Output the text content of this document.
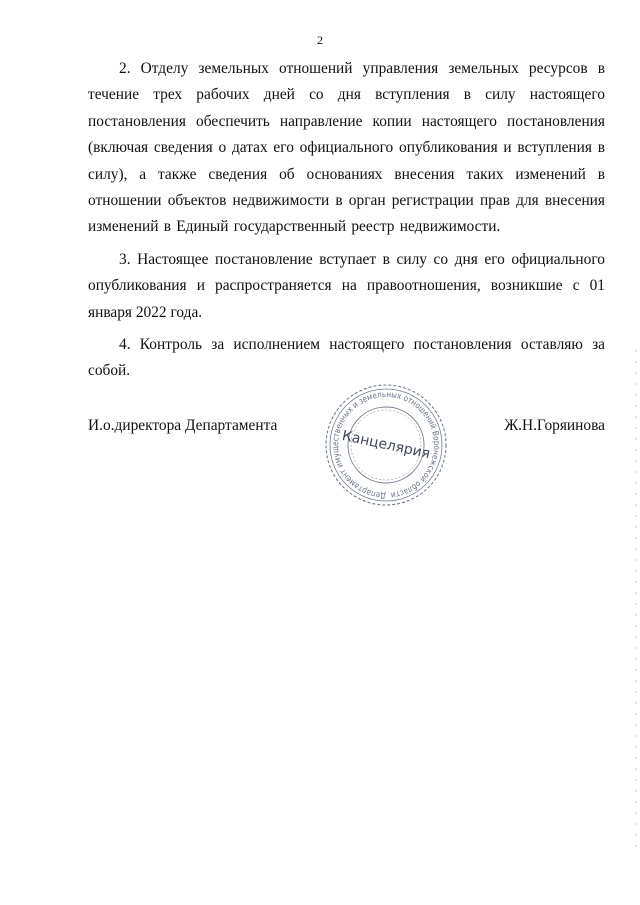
2

2. Отделу земельных отношений управления земельных ресурсов в течение трех рабочих дней со дня вступления в силу настоящего постановления обеспечить направление копии настоящего постановления (включая сведения о датах его официального опубликования и вступления в силу), а также сведения об основаниях внесения таких изменений в отношении объектов недвижимости в орган регистрации прав для внесения изменений в Единый государственный реестр недвижимости.

3. Настоящее постановление вступает в силу со дня его официального опубликования и распространяется на правоотношения, возникшие с 01 января 2022 года.

4. Контроль за исполнением настоящего постановления оставляю за собой.

И.о.директора Департамента	Ж.Н.Горяинова
Департамент имущественных и земельных отношений Воронежской области
Канцелярия
